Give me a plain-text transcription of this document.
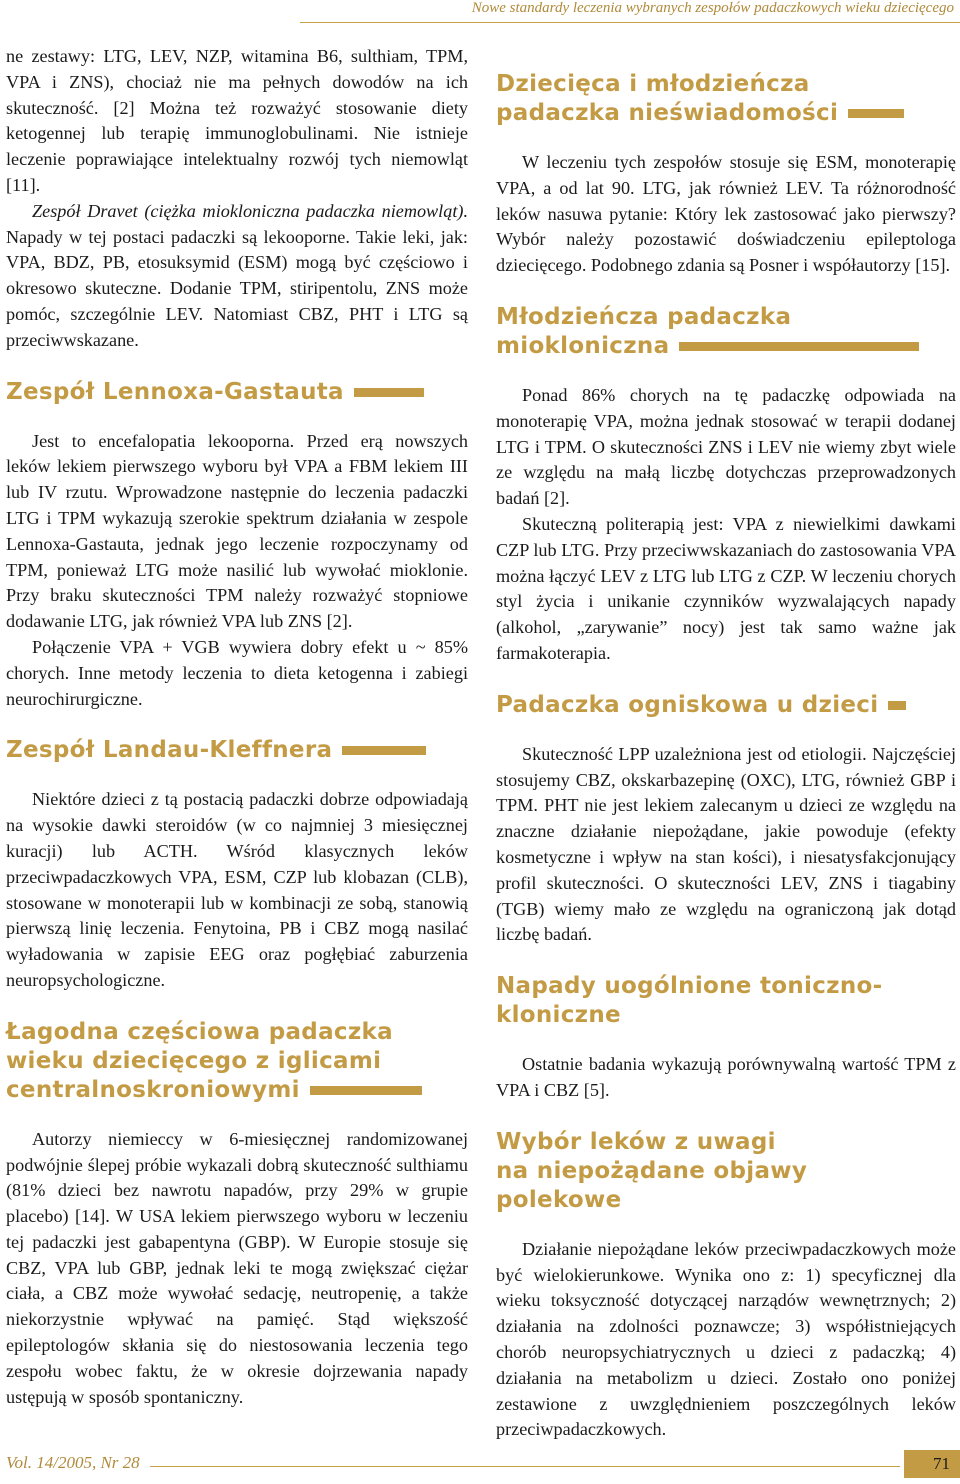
Nowe standardy leczenia wybranych zespołów padaczkowych wieku dziecięcego

ne zestawy: LTG, LEV, NZP, witamina B6, sulthiam, TPM, VPA i ZNS), chociaż nie ma pełnych dowodów na ich skuteczność. [2] Można też rozważyć stosowanie diety ketogennej lub terapię immunoglobulinami. Nie istnieje leczenie poprawiające intelektualny rozwój tych niemowląt [11].

Zespół Dravet (ciężka miokloniczna padaczka niemowląt). Napady w tej postaci padaczki są lekooporne. Takie leki, jak: VPA, BDZ, PB, etosuksymid (ESM) mogą być częściowo i okresowo skuteczne. Dodanie TPM, stiripentolu, ZNS może pomóc, szczególnie LEV. Natomiast CBZ, PHT i LTG są przeciwwskazane.

Zespół Lennoxa-Gastauta

Jest to encefalopatia lekooporna. Przed erą nowszych leków lekiem pierwszego wyboru był VPA a FBM lekiem III lub IV rzutu. Wprowadzone następnie do leczenia padaczki LTG i TPM wykazują szerokie spektrum działania w zespole Lennoxa-Gastauta, jednak jego leczenie rozpoczynamy od TPM, ponieważ LTG może nasilić lub wywołać mioklonie. Przy braku skuteczności TPM należy rozważyć stopniowe dodawanie LTG, jak również VPA lub ZNS [2].

Połączenie VPA + VGB wywiera dobry efekt u ~ 85% chorych. Inne metody leczenia to dieta ketogenna i zabiegi neurochirurgiczne.

Zespół Landau-Kleffnera

Niektóre dzieci z tą postacią padaczki dobrze odpowiadają na wysokie dawki steroidów (w co najmniej 3 miesięcznej kuracji) lub ACTH. Wśród klasycznych leków przeciwpadaczkowych VPA, ESM, CZP lub klobazan (CLB), stosowane w monoterapii lub w kombinacji ze sobą, stanowią pierwszą linię leczenia. Fenytoina, PB i CBZ mogą nasilać wyładowania w zapisie EEG oraz pogłębiać zaburzenia neuropsychologiczne.

Łagodna częściowa padaczka
wieku dziecięcego z iglicami
centralnoskroniowymi

Autorzy niemieccy w 6-miesięcznej randomizowanej podwójnie ślepej próbie wykazali dobrą skuteczność sulthiamu (81% dzieci bez nawrotu napadów, przy 29% w grupie placebo) [14]. W USA lekiem pierwszego wyboru w leczeniu tej padaczki jest gabapentyna (GBP). W Europie stosuje się CBZ, VPA lub GBP, jednak leki te mogą zwiększać ciężar ciała, a CBZ może wywołać sedację, neutropenię, a także niekorzystnie wpływać na pamięć. Stąd większość epileptologów skłania się do niestosowania leczenia tego zespołu wobec faktu, że w okresie dojrzewania napady ustępują w sposób spontaniczny.

Dziecięca i młodzieńcza
padaczka nieświadomości

W leczeniu tych zespołów stosuje się ESM, monoterapię VPA, a od lat 90. LTG, jak również LEV. Ta różnorodność leków nasuwa pytanie: Który lek zastosować jako pierwszy? Wybór należy pozostawić doświadczeniu epileptologa dziecięcego. Podobnego zdania są Posner i współautorzy [15].

Młodzieńcza padaczka
miokloniczna

Ponad 86% chorych na tę padaczkę odpowiada na monoterapię VPA, można jednak stosować w terapii dodanej LTG i TPM. O skuteczności ZNS i LEV nie wiemy zbyt wiele ze względu na małą liczbę dotychczas przeprowadzonych badań [2].

Skuteczną politerapią jest: VPA z niewielkimi dawkami CZP lub LTG. Przy przeciwwskazaniach do zastosowania VPA można łączyć LEV z LTG lub LTG z CZP. W leczeniu chorych styl życia i unikanie czynników wyzwalających napady (alkohol, „zarywanie” nocy) jest tak samo ważne jak farmakoterapia.

Padaczka ogniskowa u dzieci

Skuteczność LPP uzależniona jest od etiologii. Najczęściej stosujemy CBZ, okskarbazepinę (OXC), LTG, również GBP i TPM. PHT nie jest lekiem zalecanym u dzieci ze względu na znaczne działanie niepożądane, jakie powoduje (efekty kosmetyczne i wpływ na stan kości), i niesatysfakcjonujący profil skuteczności. O skuteczności LEV, ZNS i tiagabiny (TGB) wiemy mało ze względu na ograniczoną jak dotąd liczbę badań.

Napady uogólnione toniczno-
kloniczne

Ostatnie badania wykazują porównywalną wartość TPM z VPA i CBZ [5].

Wybór leków z uwagi
na niepożądane objawy
polekowe

Działanie niepożądane leków przeciwpadaczkowych może być wielokierunkowe. Wynika ono z: 1) specyficznej dla wieku toksyczność dotyczącej narządów wewnętrznych; 2) działania na zdolności poznawcze; 3) współistniejących chorób neuropsychiatrycznych u dzieci z padaczką; 4) działania na metabolizm u dzieci. Zostało ono poniżej zestawione z uwzględnieniem poszczególnych leków przeciwpadaczkowych.

Vol. 14/2005, Nr 28	71
